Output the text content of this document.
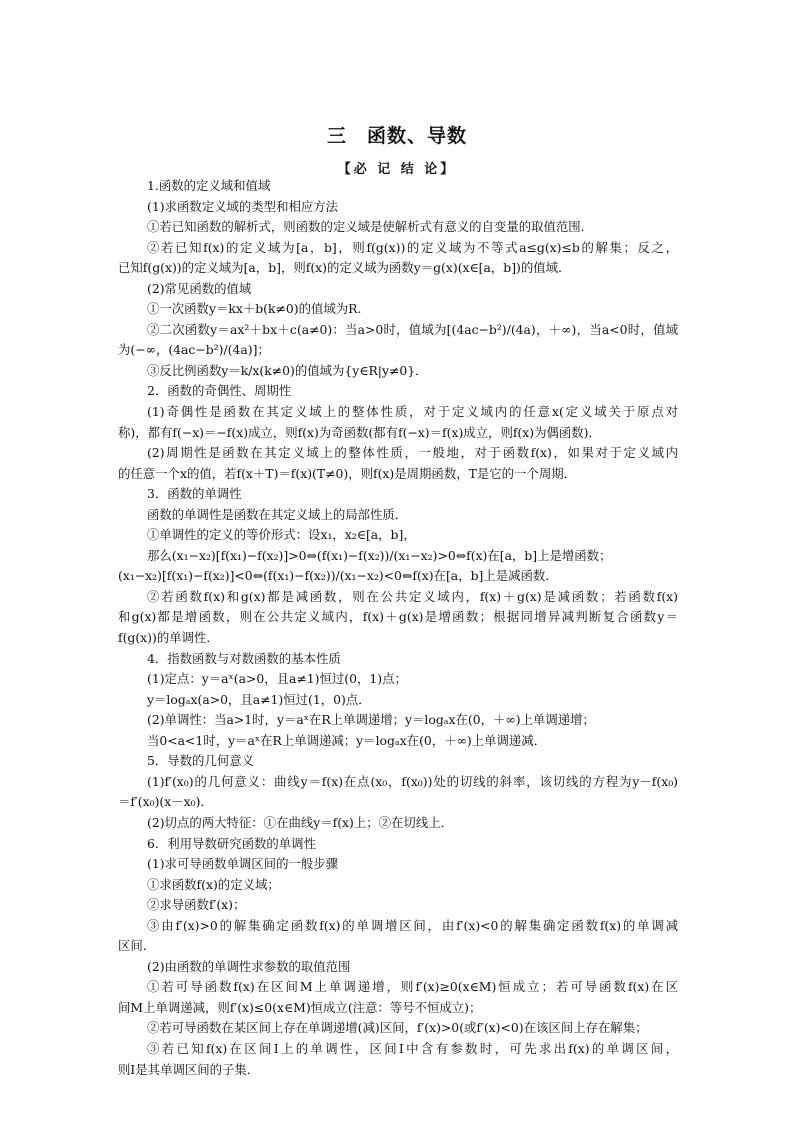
三　函数、导数
【必 记 结 论】
1.函数的定义域和值域
(1)求函数定义域的类型和相应方法
①若已知函数的解析式，则函数的定义域是使解析式有意义的自变量的取值范围．
②若已知f(x)的定义域为[a，b]，则f(g(x))的定义域为不等式a≤g(x)≤b的解集；反之，
已知f(g(x))的定义域为[a，b]，则f(x)的定义域为函数y＝g(x)(x∈[a，b])的值域．
(2)常见函数的值域
①一次函数y＝kx＋b(k≠0)的值域为R.
②二次函数y＝ax²＋bx＋c(a≠0)：当a>0时，值域为[(4ac−b²)/(4a)，＋∞)，当a<0时，值域
为(−∞，(4ac−b²)/(4a)]；
③反比例函数y＝k/x(k≠0)的值域为{y∈R|y≠0}．
2．函数的奇偶性、周期性
(1)奇偶性是函数在其定义域上的整体性质，对于定义域内的任意x(定义域关于原点对
称)，都有f(−x)＝−f(x)成立，则f(x)为奇函数(都有f(−x)＝f(x)成立，则f(x)为偶函数)．
(2)周期性是函数在其定义域上的整体性质，一般地，对于函数f(x)，如果对于定义域内
的任意一个x的值，若f(x＋T)＝f(x)(T≠0)，则f(x)是周期函数，T是它的一个周期．
3．函数的单调性
函数的单调性是函数在其定义域上的局部性质．
①单调性的定义的等价形式：设x₁，x₂∈[a，b]，
那么(x₁−x₂)[f(x₁)−f(x₂)]>0⇔(f(x₁)−f(x₂))/(x₁−x₂)>0⇔f(x)在[a，b]上是增函数；
(x₁−x₂)[f(x₁)−f(x₂)]<0⇔(f(x₁)−f(x₂))/(x₁−x₂)<0⇔f(x)在[a，b]上是减函数．
②若函数f(x)和g(x)都是减函数，则在公共定义域内，f(x)＋g(x)是减函数；若函数f(x)
和g(x)都是增函数，则在公共定义域内，f(x)＋g(x)是增函数；根据同增异减判断复合函数y＝
f(g(x))的单调性．
4．指数函数与对数函数的基本性质
(1)定点：y＝aˣ(a>0，且a≠1)恒过(0，1)点；
y＝logₐx(a>0，且a≠1)恒过(1，0)点．
(2)单调性：当a>1时，y＝aˣ在R上单调递增；y＝logₐx在(0，＋∞)上单调递增；
当0<a<1时，y＝aˣ在R上单调递减；y＝logₐx在(0，＋∞)上单调递减．
5．导数的几何意义
(1)f′(x₀)的几何意义：曲线y＝f(x)在点(x₀，f(x₀))处的切线的斜率，该切线的方程为y－f(x₀)
＝f′(x₀)(x－x₀)．
(2)切点的两大特征：①在曲线y＝f(x)上；②在切线上．
6．利用导数研究函数的单调性
(1)求可导函数单调区间的一般步骤
①求函数f(x)的定义域；
②求导函数f′(x)；
③由f′(x)>0的解集确定函数f(x)的单调增区间，由f′(x)<0的解集确定函数f(x)的单调减
区间．
(2)由函数的单调性求参数的取值范围
①若可导函数f(x)在区间M上单调递增，则f′(x)≥0(x∈M)恒成立；若可导函数f(x)在区
间M上单调递减，则f′(x)≤0(x∈M)恒成立(注意：等号不恒成立)；
②若可导函数在某区间上存在单调递增(减)区间，f′(x)>0(或f′(x)<0)在该区间上存在解集；
③若已知f(x)在区间I上的单调性，区间I中含有参数时，可先求出f(x)的单调区间，
则I是其单调区间的子集．
